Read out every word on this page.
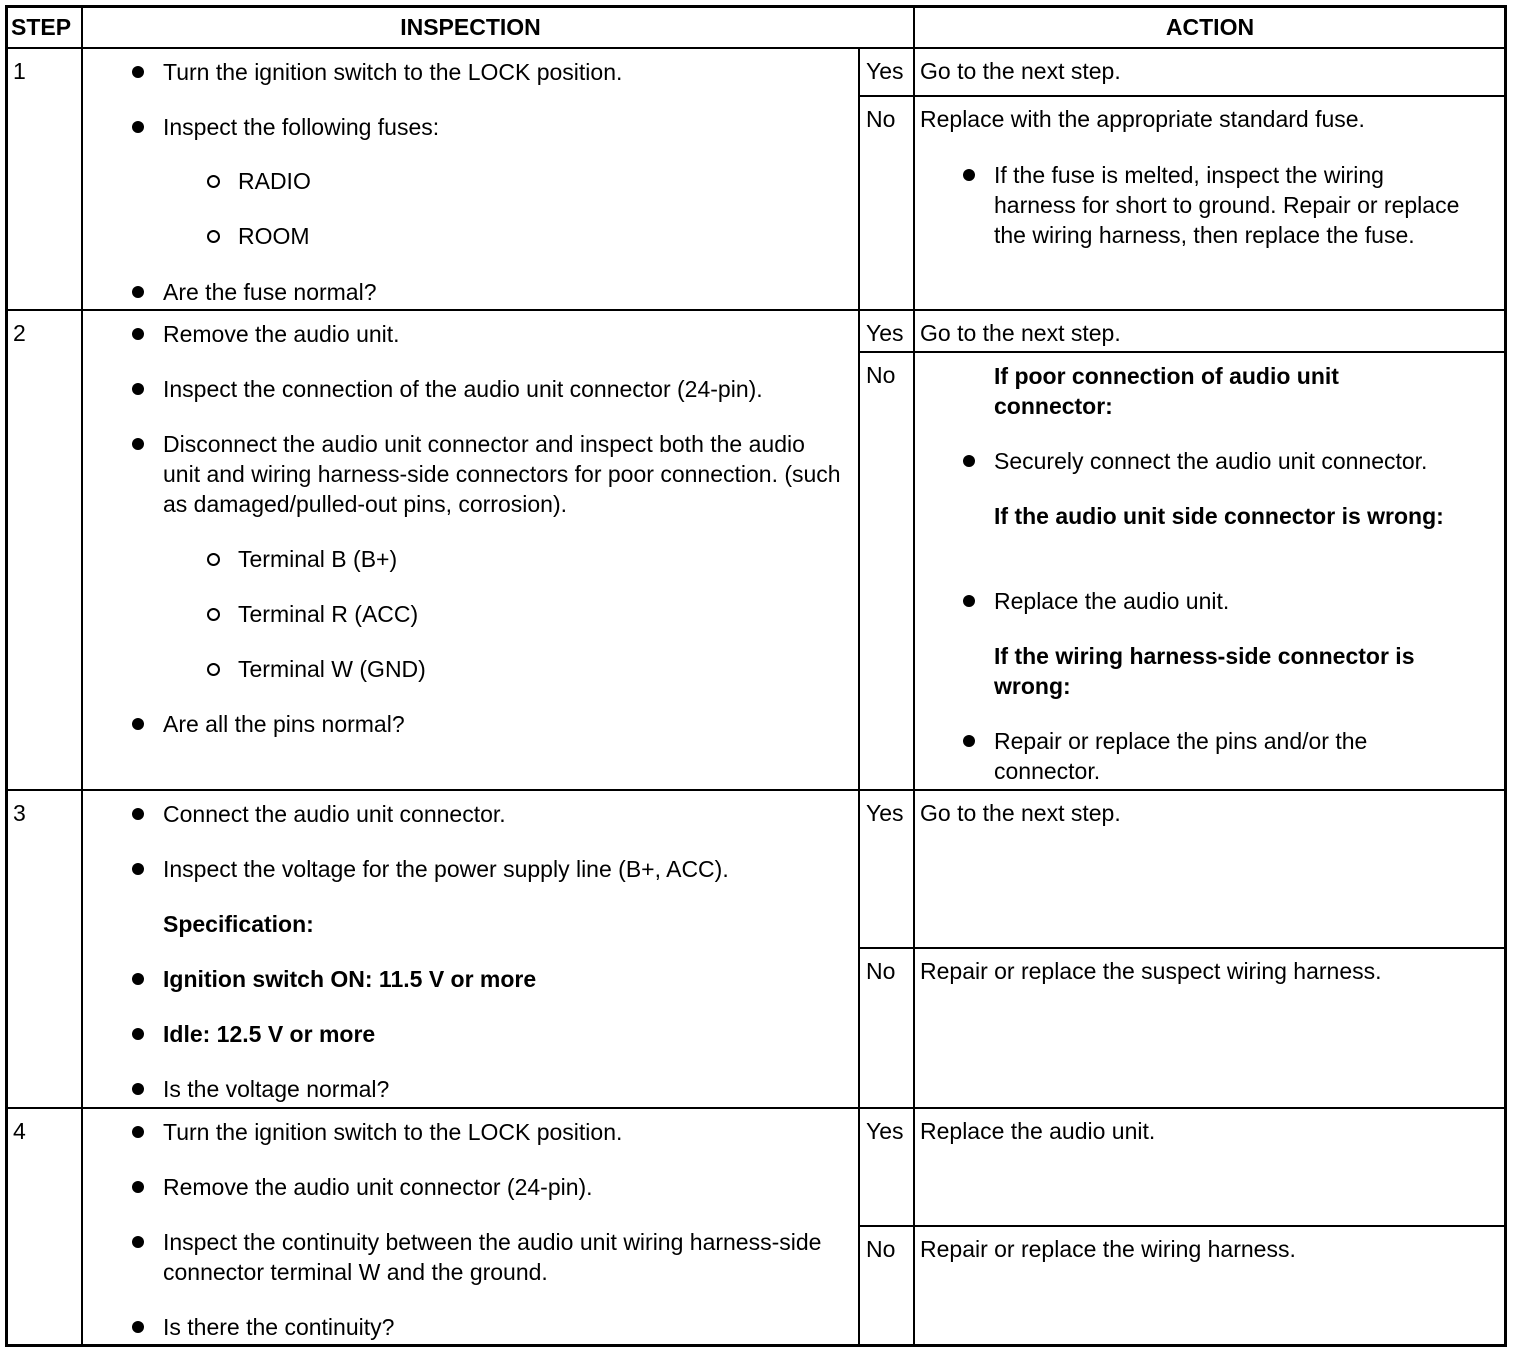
STEP	INSPECTION	ACTION
1	Turn the ignition switch to the LOCK position.
Inspect the following fuses:
RADIO
ROOM
Are the fuse normal?
Yes Go to the next step.
No Replace with the appropriate standard fuse.
If the fuse is melted, inspect the wiring harness for short to ground. Repair or replace the wiring harness, then replace the fuse.
2	Remove the audio unit.
Inspect the connection of the audio unit connector (24-pin).
Disconnect the audio unit connector and inspect both the audio unit and wiring harness-side connectors for poor connection. (such as damaged/pulled-out pins, corrosion).
Terminal B (B+)
Terminal R (ACC)
Terminal W (GND)
Are all the pins normal?
Yes Go to the next step.
No	If poor connection of audio unit connector:
Securely connect the audio unit connector.
If the audio unit side connector is wrong:
Replace the audio unit.
If the wiring harness-side connector is wrong:
Repair or replace the pins and/or the connector.
3	Connect the audio unit connector.
Inspect the voltage for the power supply line (B+, ACC).
Specification:
Ignition switch ON: 11.5 V or more
Idle: 12.5 V or more
Is the voltage normal?
Yes Go to the next step.
No Repair or replace the suspect wiring harness.
4	Turn the ignition switch to the LOCK position.
Remove the audio unit connector (24-pin).
Inspect the continuity between the audio unit wiring harness-side connector terminal W and the ground.
Is there the continuity?
Yes Replace the audio unit.
No Repair or replace the wiring harness.
